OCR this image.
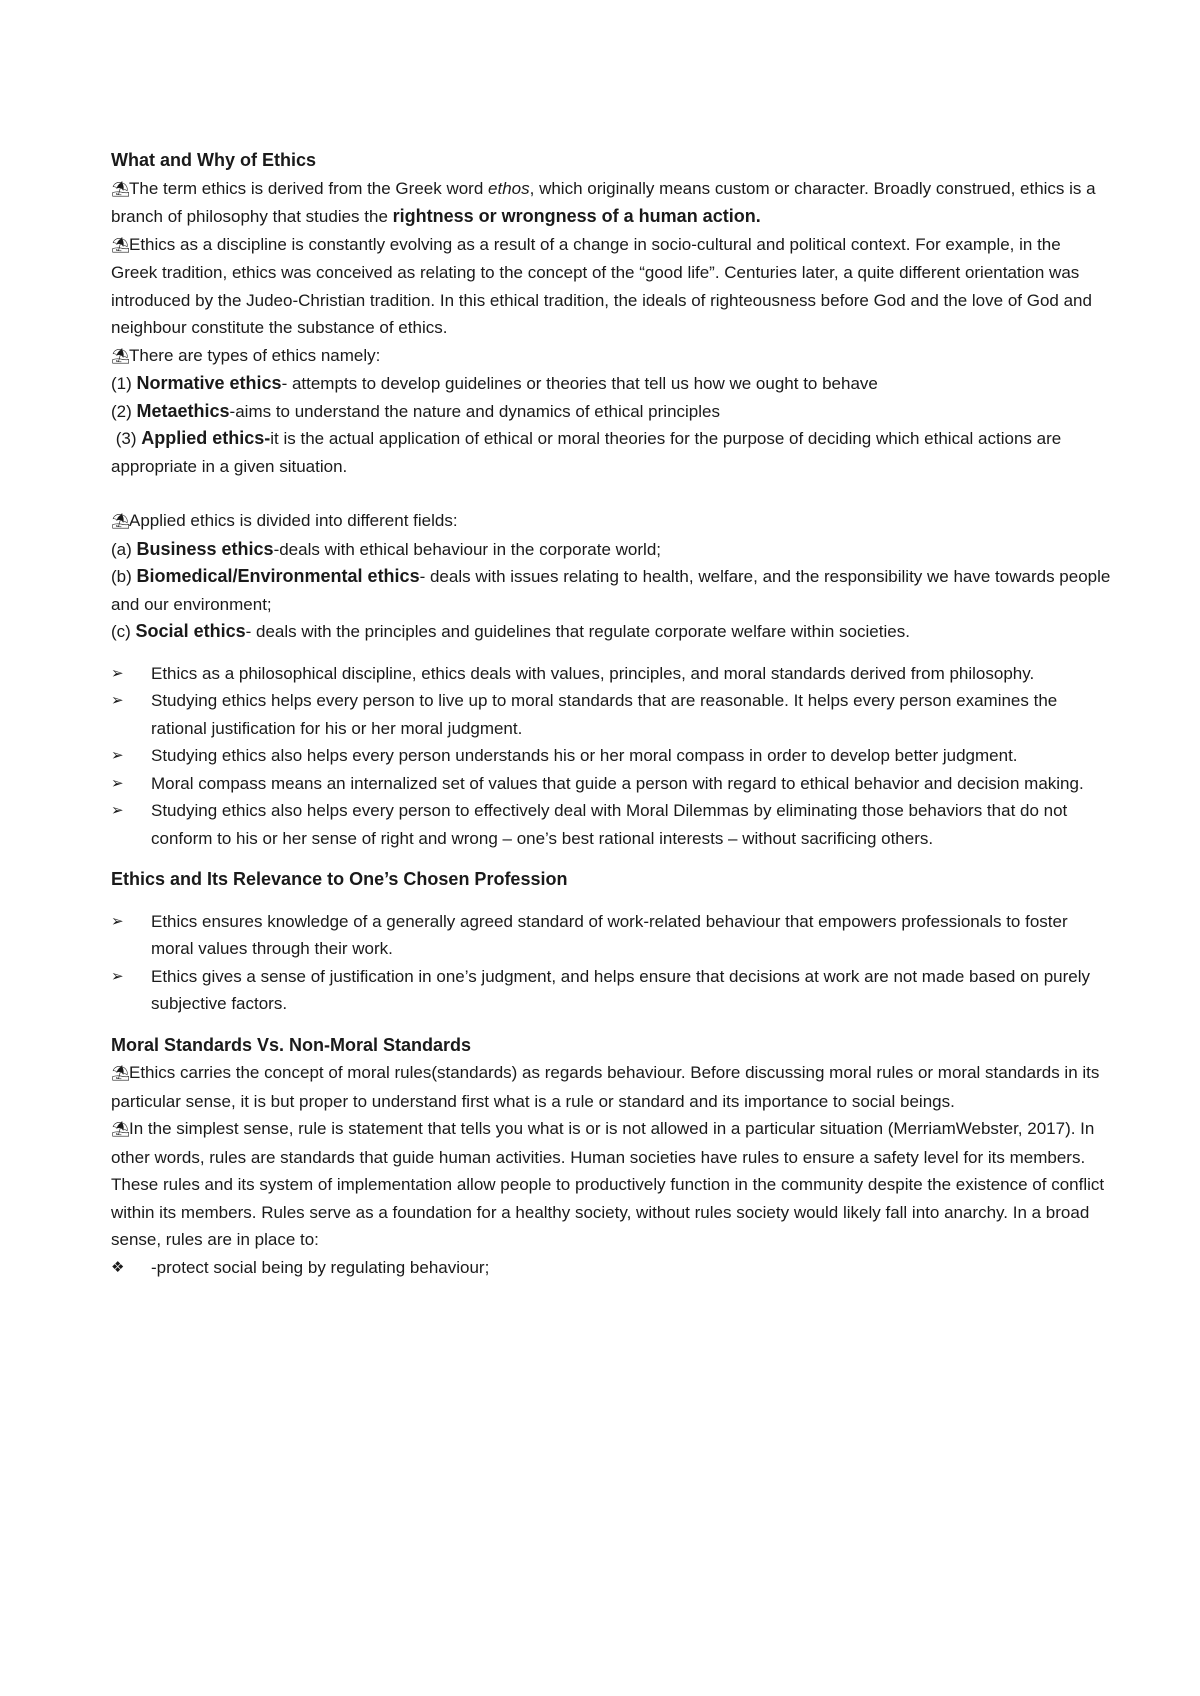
What and Why of Ethics

⛱The term ethics is derived from the Greek word ethos, which originally means custom or character. Broadly construed, ethics is a branch of philosophy that studies the rightness or wrongness of a human action.

⛱Ethics as a discipline is constantly evolving as a result of a change in socio-cultural and political context. For example, in the Greek tradition, ethics was conceived as relating to the concept of the “good life”. Centuries later, a quite different orientation was introduced by the Judeo-Christian tradition. In this ethical tradition, the ideals of righteousness before God and the love of God and neighbour constitute the substance of ethics.

⛱There are types of ethics namely:

(1) Normative ethics- attempts to develop guidelines or theories that tell us how we ought to behave

(2) Metaethics-aims to understand the nature and dynamics of ethical principles

(3) Applied ethics-it is the actual application of ethical or moral theories for the purpose of deciding which ethical actions are appropriate in a given situation.

⛱Applied ethics is divided into different fields:

(a) Business ethics-deals with ethical behaviour in the corporate world;

(b) Biomedical/Environmental ethics- deals with issues relating to health, welfare, and the responsibility we have towards people and our environment;

(c) Social ethics- deals with the principles and guidelines that regulate corporate welfare within societies.

➢ Ethics as a philosophical discipline, ethics deals with values, principles, and moral standards derived from philosophy.

➢ Studying ethics helps every person to live up to moral standards that are reasonable. It helps every person examines the rational justification for his or her moral judgment.

➢ Studying ethics also helps every person understands his or her moral compass in order to develop better judgment.

➢ Moral compass means an internalized set of values that guide a person with regard to ethical behavior and decision making.

➢ Studying ethics also helps every person to effectively deal with Moral Dilemmas by eliminating those behaviors that do not conform to his or her sense of right and wrong – one’s best rational interests – without sacrificing others.

Ethics and Its Relevance to One’s Chosen Profession

➢ Ethics ensures knowledge of a generally agreed standard of work-related behaviour that empowers professionals to foster moral values through their work.

➢ Ethics gives a sense of justification in one’s judgment, and helps ensure that decisions at work are not made based on purely subjective factors.

Moral Standards Vs. Non-Moral Standards

⛱Ethics carries the concept of moral rules(standards) as regards behaviour. Before discussing moral rules or moral standards in its particular sense, it is but proper to understand first what is a rule or standard and its importance to social beings.

⛱In the simplest sense, rule is statement that tells you what is or is not allowed in a particular situation (MerriamWebster, 2017). In other words, rules are standards that guide human activities. Human societies have rules to ensure a safety level for its members. These rules and its system of implementation allow people to productively function in the community despite the existence of conflict within its members. Rules serve as a foundation for a healthy society, without rules society would likely fall into anarchy. In a broad sense, rules are in place to:

❖ -protect social being by regulating behaviour;
